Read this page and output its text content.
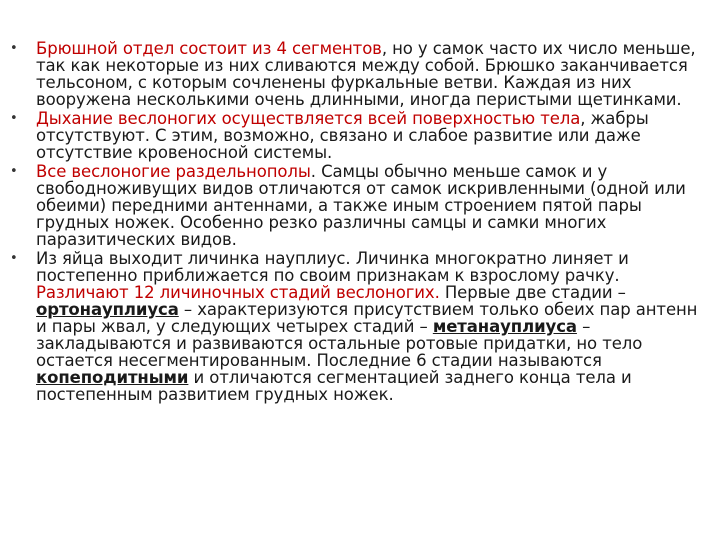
• Брюшной отдел состоит из 4 сегментов, но у самок часто их число меньше, так как некоторые из них сливаются между собой. Брюшко заканчивается тельсоном, с которым сочленены фуркальные ветви. Каждая из них вооружена несколькими очень длинными, иногда перистыми щетинками.
• Дыхание веслоногих осуществляется всей поверхностью тела, жабры отсутствуют. С этим, возможно, связано и слабое развитие или даже отсутствие кровеносной системы.
• Все веслоногие раздельнополы. Самцы обычно меньше самок и у свободноживущих видов отличаются от самок искривленными (одной или обеими) передними антеннами, а также иным строением пятой пары грудных ножек. Особенно резко различны самцы и самки многих паразитических видов.
• Из яйца выходит личинка науплиус. Личинка многократно линяет и постепенно приближается по своим признакам к взрослому рачку. Различают 12 личиночных стадий веслоногих. Первые две стадии – ортонауплиуса – характеризуются присутствием только обеих пар антенн и пары жвал, у следующих четырех стадий – метанауплиуса – закладываются и развиваются остальные ротовые придатки, но тело остается несегментированным. Последние 6 стадии называются копеподитными и отличаются сегментацией заднего конца тела и постепенным развитием грудных ножек.
